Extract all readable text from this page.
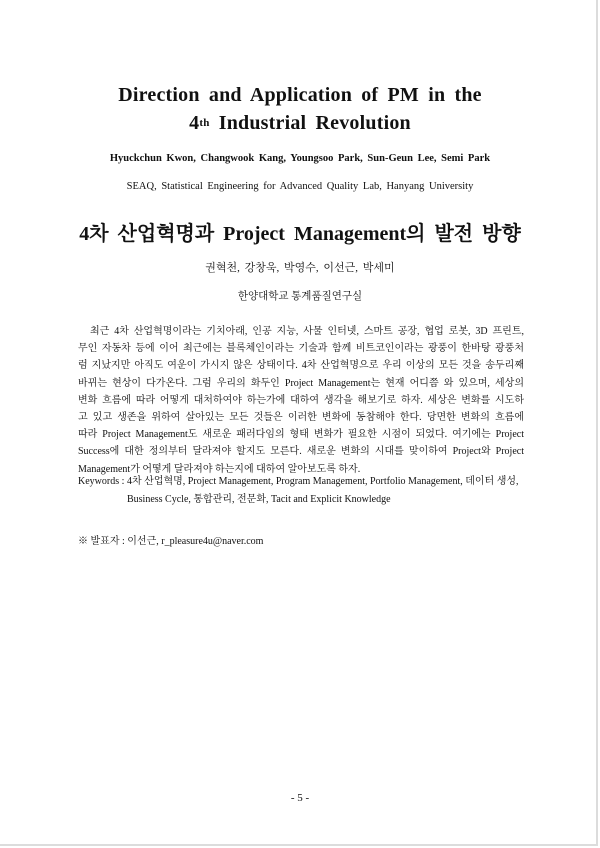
Direction and Application of PM in the
4th Industrial Revolution
Hyuckchun Kwon, Changwook Kang, Youngsoo Park, Sun-Geun Lee, Semi Park
SEAQ, Statistical Engineering for Advanced Quality Lab, Hanyang University
4차 산업혁명과 Project Management의 발전 방향
권혁천, 강창욱, 박영수, 이선근, 박세미
한양대학교 통계품질연구실
최근 4차 산업혁명이라는 기치아래, 인공 지능, 사물 인터넷, 스마트 공장, 협업 로봇, 3D 프린트,
무인 자동차 등에 이어 최근에는 블록체인이라는 기술과 함께 비트코인이라는 광풍이 한바탕 광풍처
럼 지났지만 아직도 여운이 가시지 않은 상태이다. 4차 산업혁명으로 우리 이상의 모든 것을 송두리째
바뀌는 현상이 다가온다. 그럼 우리의 화두인 Project Management는 현재 어디쯤 와 있으며, 세상의
변화 흐름에 따라 어떻게 대처하여야 하는가에 대하여 생각을 해보기로 하자. 세상은 변화를 시도하
고 있고 생존을 위하여 살아있는 모든 것들은 이러한 변화에 동참해야 한다. 당면한 변화의 흐름에
따라 Project Management도 새로운 패러다임의 형태 변화가 필요한 시점이 되었다. 여기에는 Project
Success에 대한 정의부터 달라져야 할지도 모른다. 새로운 변화의 시대를 맞이하여 Project와 Project
Management가 어떻게 달라져야 하는지에 대하여 알아보도록 하자.
Keywords : 4차 산업혁명, Project Management, Program Management, Portfolio Management, 데이터 생성,
Business Cycle, 통합관리, 전문화, Tacit and Explicit Knowledge
※ 발표자 : 이선근, r_pleasure4u@naver.com
- 5 -
